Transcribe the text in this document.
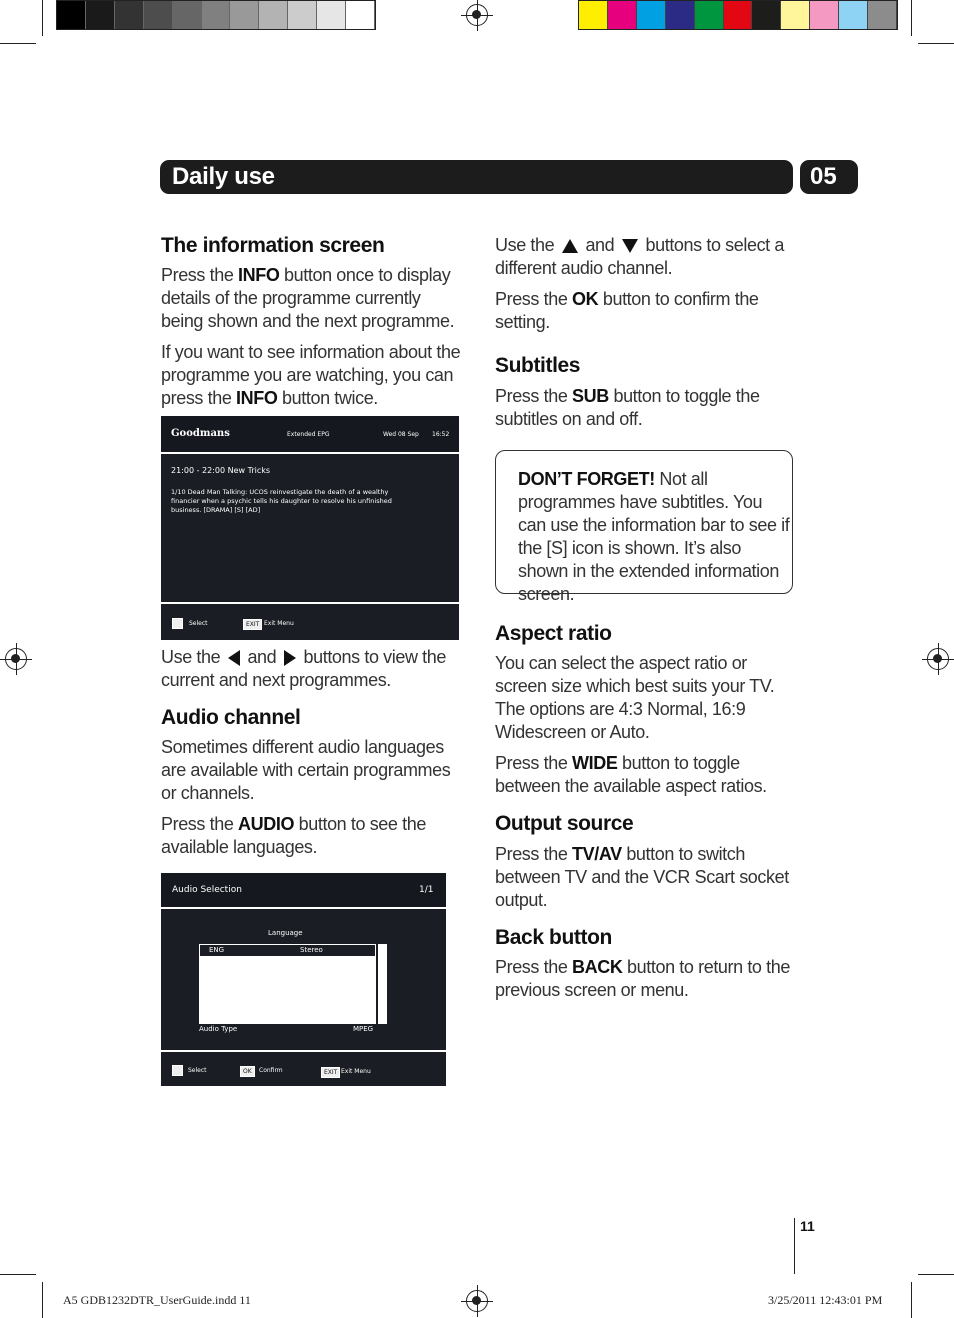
Daily use	05
The information screen

Press the INFO button once to display details of the programme currently being shown and the next programme.

If you want to see information about the programme you are watching, you can press the INFO button twice.

Goodmans	Extended EPG	Wed 08 Sep 16:52
21:00 - 22:00 New Tricks
1/10 Dead Man Talking: UCOS reinvestigate the death of a wealthy financier when a psychic tells his daughter to resolve his unfinished business. [DRAMA] [S] [AD]
Select	EXIT Exit Menu

Use the  and  buttons to view the current and next programmes.

Audio channel

Sometimes different audio languages are available with certain programmes or channels.

Press the AUDIO button to see the available languages.

Audio Selection	1/1
Language
ENG	Stereo
Audio Type	MPEG
Select	OK	Confirm	EXIT Exit Menu

Use the  and  buttons to select a different audio channel.

Press the OK button to confirm the setting.

Subtitles

Press the SUB button to toggle the subtitles on and off.

DON’T FORGET! Not all programmes have subtitles. You can use the information bar to see if the [S] icon is shown. It’s also shown in the extended information screen.

Aspect ratio

You can select the aspect ratio or screen size which best suits your TV. The options are 4:3 Normal, 16:9 Widescreen or Auto.

Press the WIDE button to toggle between the available aspect ratios.

Output source

Press the TV/AV button to switch between TV and the VCR Scart socket output.

Back button

Press the BACK button to return to the previous screen or menu.

11
A5 GDB1232DTR_UserGuide.indd 11	3/25/2011 12:43:01 PM
